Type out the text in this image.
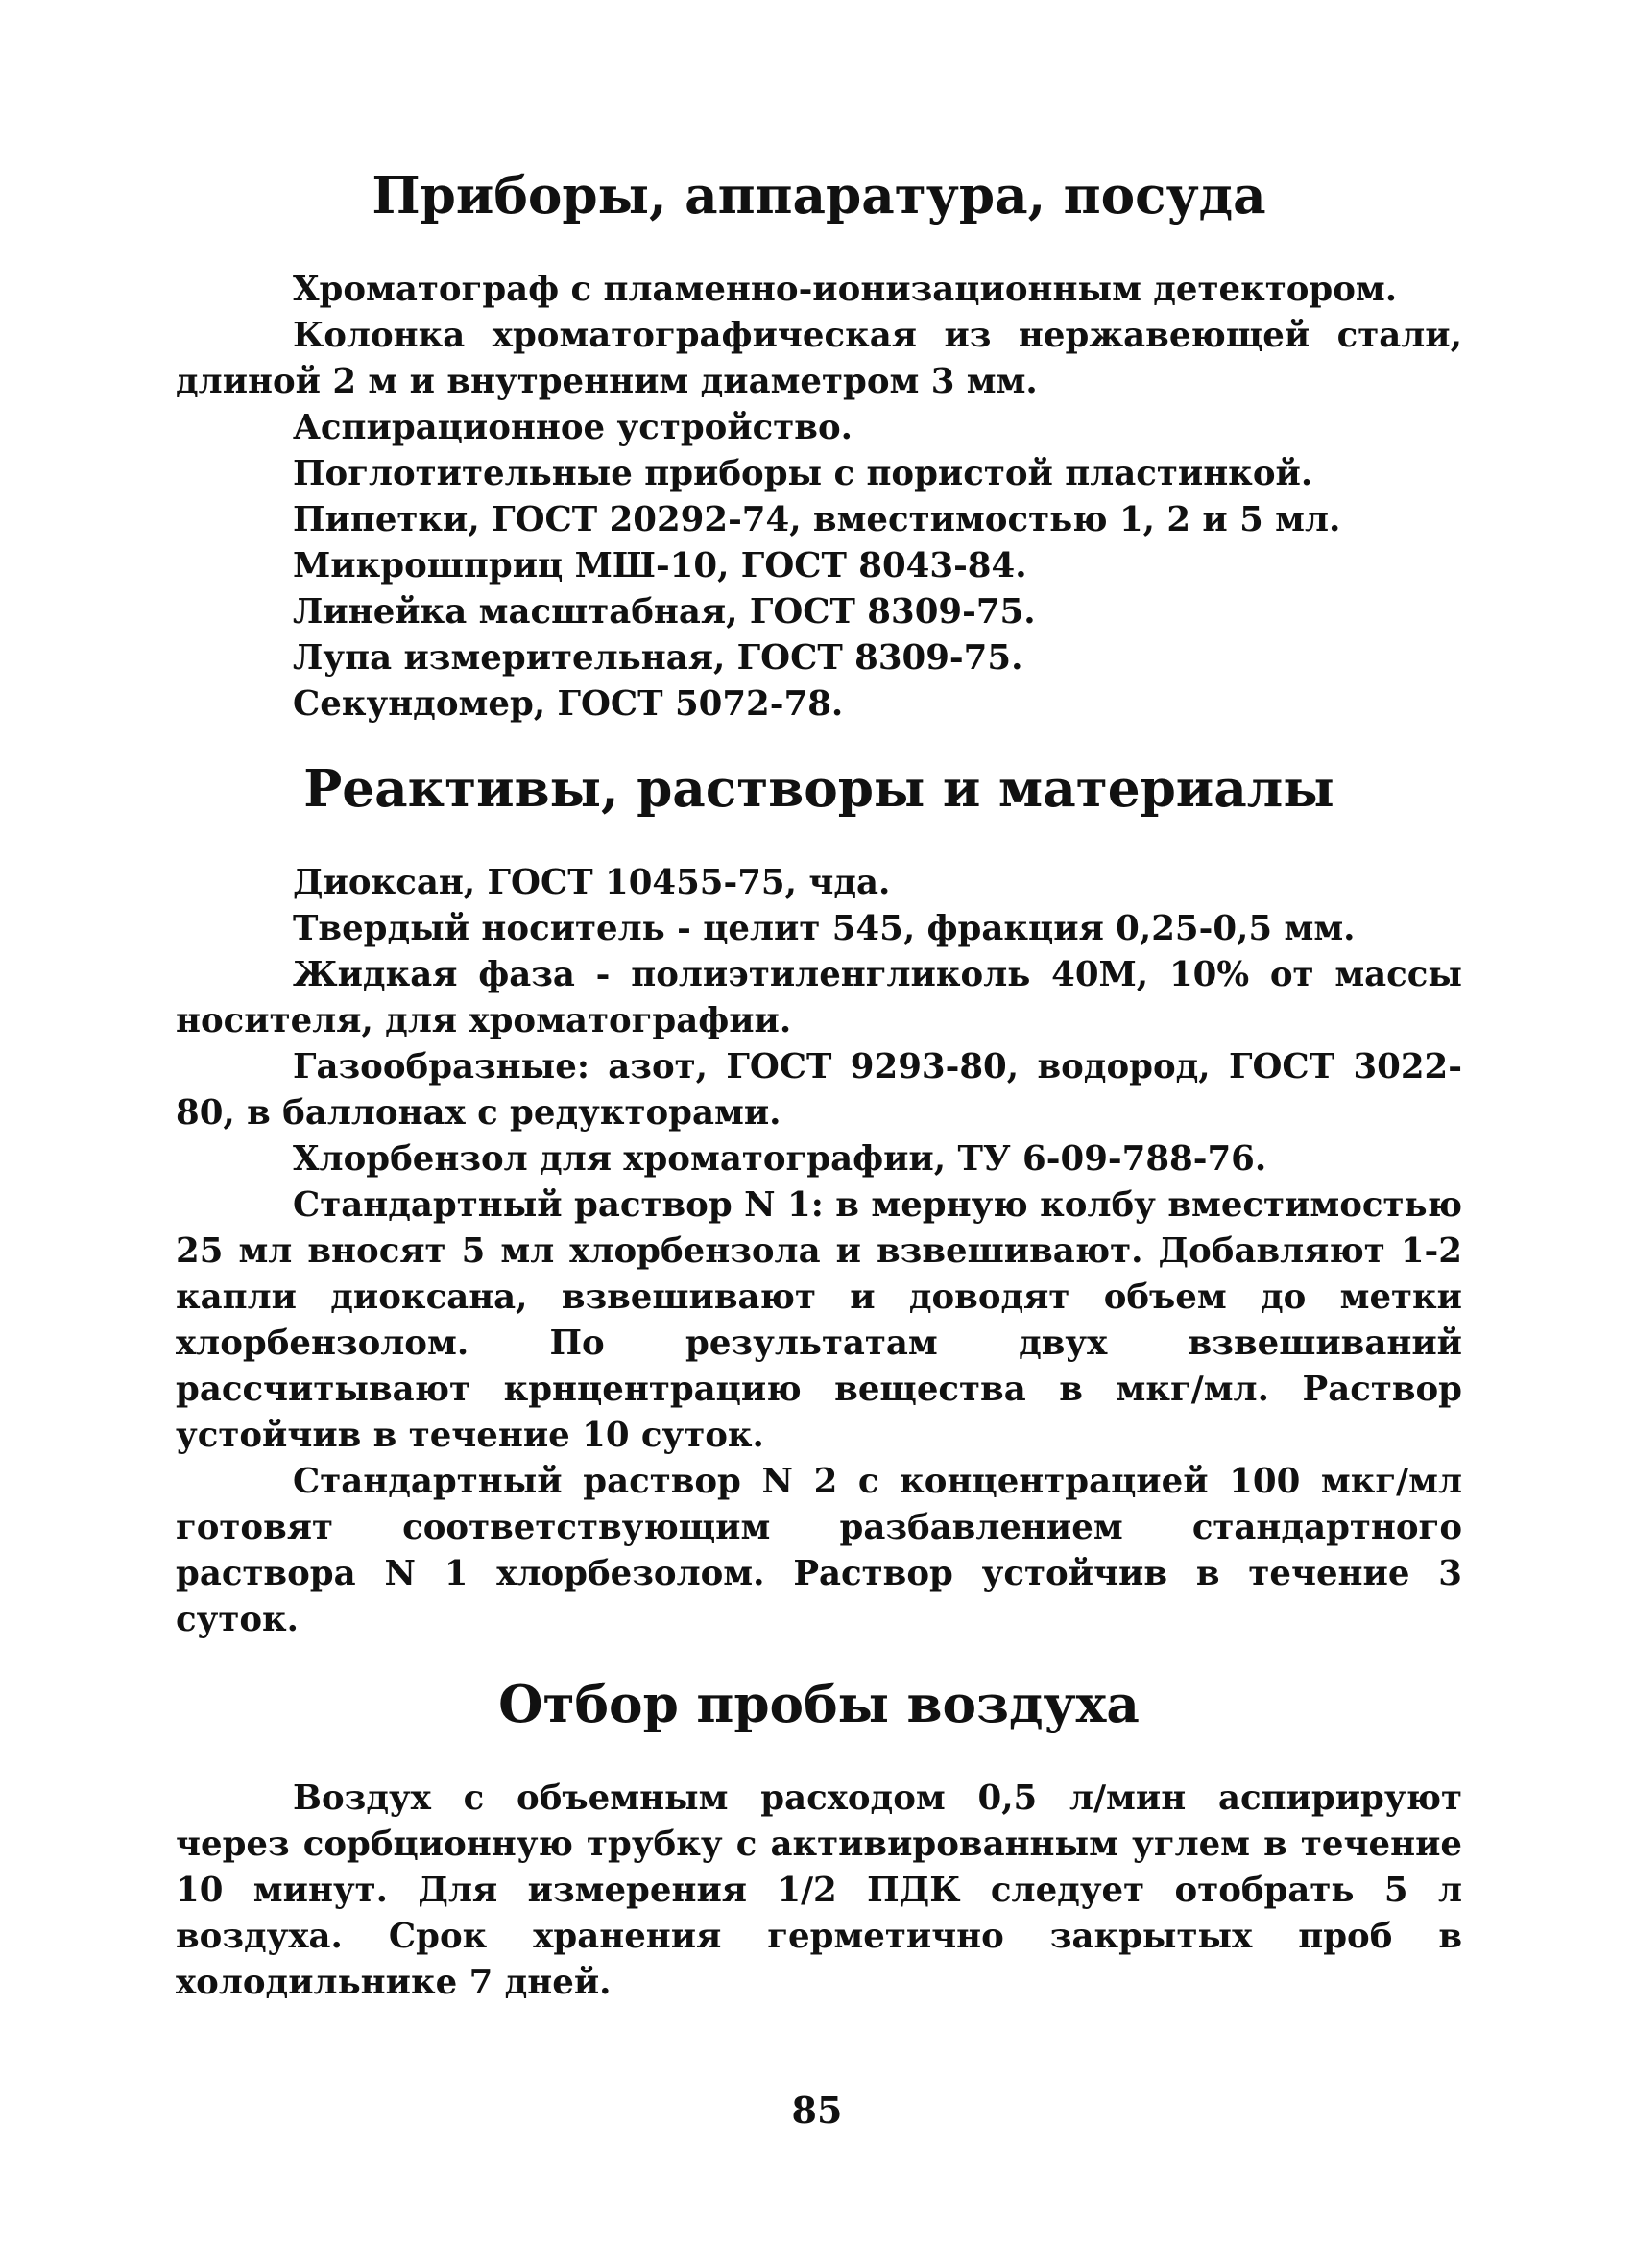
Приборы, аппаратура, посуда

Хроматограф с пламенно-ионизационным детектором.

Колонка хроматографическая из нержавеющей стали, длиной 2 м и внутренним диаметром 3 мм.

Аспирационное устройство.

Поглотительные приборы с пористой пластинкой.

Пипетки, ГОСТ 20292-74, вместимостью 1, 2 и 5 мл.

Микрошприц МШ-10, ГОСТ 8043-84.

Линейка масштабная, ГОСТ 8309-75.

Лупа измерительная, ГОСТ 8309-75.

Секундомер, ГОСТ 5072-78.

Реактивы, растворы и материалы

Диоксан, ГОСТ 10455-75, чда.

Твердый носитель - целит 545, фракция 0,25-0,5 мм.

Жидкая фаза - полиэтиленгликоль 40М, 10% от массы носителя, для хроматографии.

Газообразные: азот, ГОСТ 9293-80, водород, ГОСТ 3022-80, в баллонах с редукторами.

Хлорбензол для хроматографии, ТУ 6-09-788-76.

Стандартный раствор N 1: в мерную колбу вместимостью 25 мл вносят 5 мл хлорбензола и взвешивают. Добавляют 1-2 капли диоксана, взвешивают и доводят объем до метки хлорбензолом. По результатам двух взвешиваний рассчитывают крнцентрацию вещества в мкг/мл. Раствор устойчив в течение 10 суток.

Стандартный раствор N 2 с концентрацией 100 мкг/мл готовят соответствующим разбавлением стандартного раствора N 1 хлорбезолом. Раствор устойчив в течение 3 суток.

Отбор пробы воздуха

Воздух с объемным расходом 0,5 л/мин аспирируют через сорбционную трубку с активированным углем в течение 10 минут. Для измерения 1/2 ПДК следует отобрать 5 л воздуха. Срок хранения герметично закрытых проб в холодильнике 7 дней.

85
